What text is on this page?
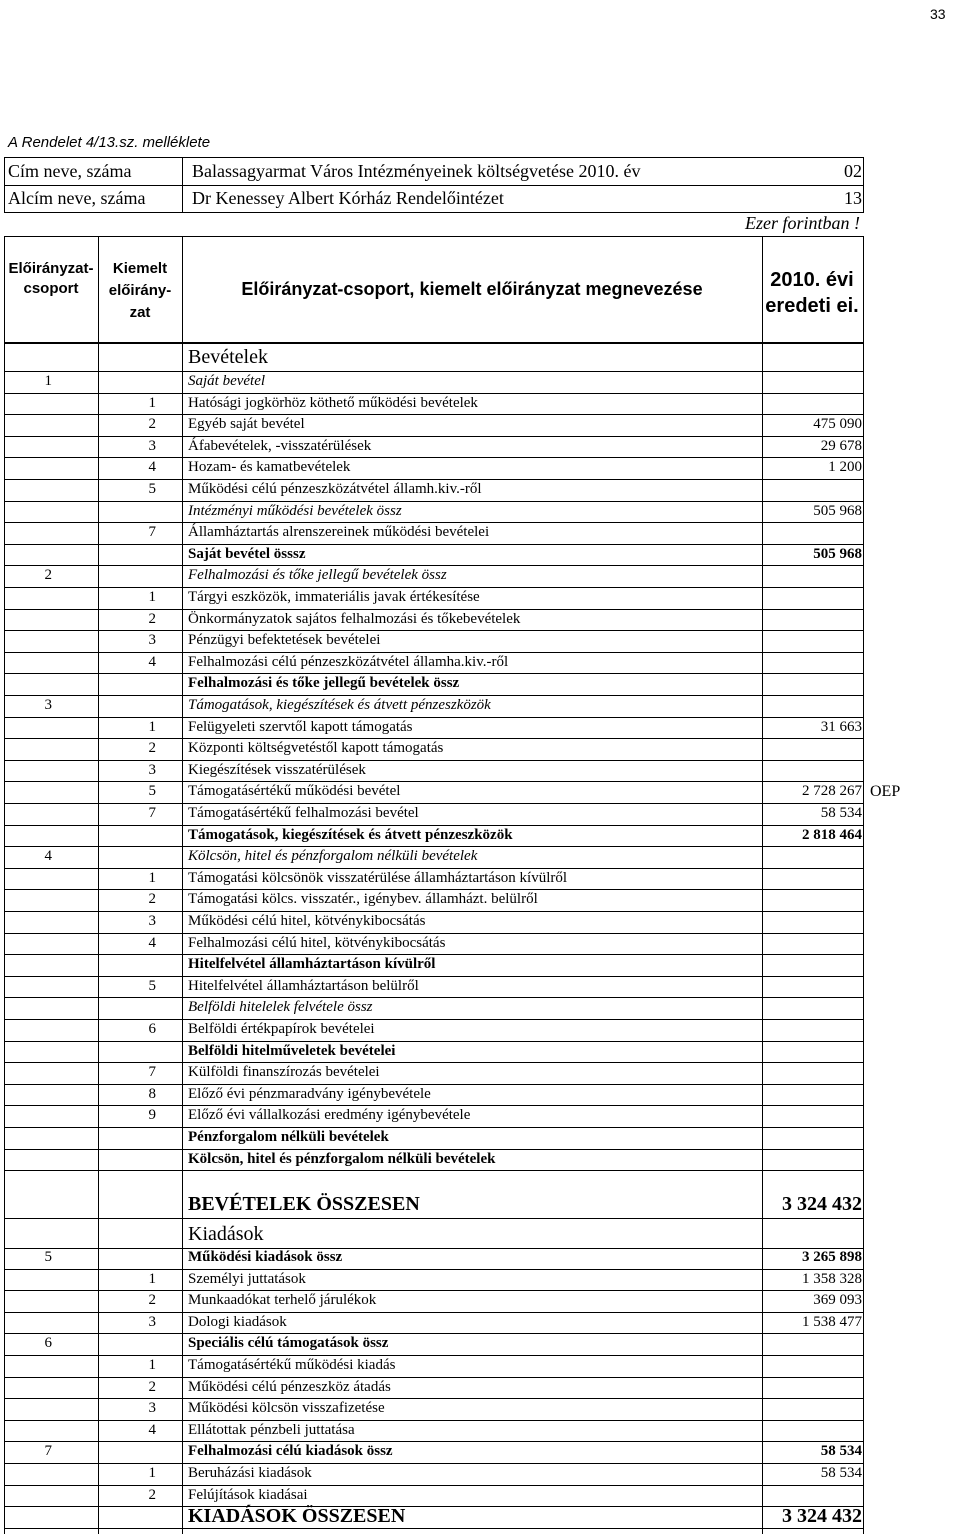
33
A Rendelet 4/13.sz. melléklete
Cím neve, száma	Balassagyarmat Város Intézményeinek költségvetése 2010. év	02
Alcím neve, száma	Dr Kenessey Albert Kórház Rendelőintézet	13
Ezer forintban !
Előirányzat-
csoport
Kiemelt
előirány-
zat
Előirányzat-csoport, kiemelt előirányzat megnevezése	2010. évi
eredeti ei.
Bevételek
1	Saját bevétel
1 Hatósági jogkörhöz köthető működési bevételek
2 Egyéb saját bevétel	475 090
3 Áfabevételek, -visszatérülések	29 678
4 Hozam- és kamatbevételek	1 200
5 Működési célú pénzeszközátvétel államh.kiv.-ről
Intézményi működési bevételek össz	505 968
7 Államháztartás alrenszereinek működési bevételei
Saját bevétel össsz	505 968
2	Felhalmozási és tőke jellegű bevételek össz
1 Tárgyi eszközök, immateriális javak értékesítése
2 Önkormányzatok sajátos felhalmozási és tőkebevételek
3 Pénzügyi befektetések bevételei
4 Felhalmozási célú pénzeszközátvétel államha.kiv.-ről
Felhalmozási és tőke jellegű bevételek össz
3	Támogatások, kiegészítések és átvett pénzeszközök
1 Felügyeleti szervtől kapott támogatás	31 663
2 Központi költségvetéstől kapott támogatás
3 Kiegészítések visszatérülések
5 Támogatásértékű működési bevétel	2 728 267 OEP
7 Támogatásértékű felhalmozási bevétel	58 534
Támogatások, kiegészítések és átvett pénzeszközök	2 818 464
4	Kölcsön, hitel és pénzforgalom nélküli bevételek
1 Támogatási kölcsönök visszatérülése államháztartáson kívülről
2 Támogatási kölcs. visszatér., igénybev. államházt. belülről
3 Működési célú hitel, kötvénykibocsátás
4 Felhalmozási célú hitel, kötvénykibocsátás
Hitelfelvétel államháztartáson kívülről
5 Hitelfelvétel államháztartáson belülről
Belföldi hitelelek felvétele össz
6 Belföldi értékpapírok bevételei
Belföldi hitelműveletek bevételei
7 Külföldi finanszírozás bevételei
8 Előző évi pénzmaradvány igénybevétele
9 Előző évi vállalkozási eredmény igénybevétele
Pénzforgalom nélküli bevételek
Kölcsön, hitel és pénzforgalom nélküli bevételek
BEVÉTELEK ÖSSZESEN	3 324 432
Kiadások
5	Működési kiadások össz	3 265 898
1 Személyi juttatások	1 358 328
2 Munkaadókat terhelő járulékok	369 093
3 Dologi kiadások	1 538 477
6	Speciális célú támogatások össz
1 Támogatásértékű működési kiadás
2 Működési célú pénzeszköz átadás
3 Működési kölcsön visszafizetése
4 Ellátottak pénzbeli juttatása
7	Felhalmozási célú kiadások össz	58 534
1 Beruházási kiadások	58 534
2 Felújítások kiadásai
KIADÁSOK ÖSSZESEN	3 324 432
